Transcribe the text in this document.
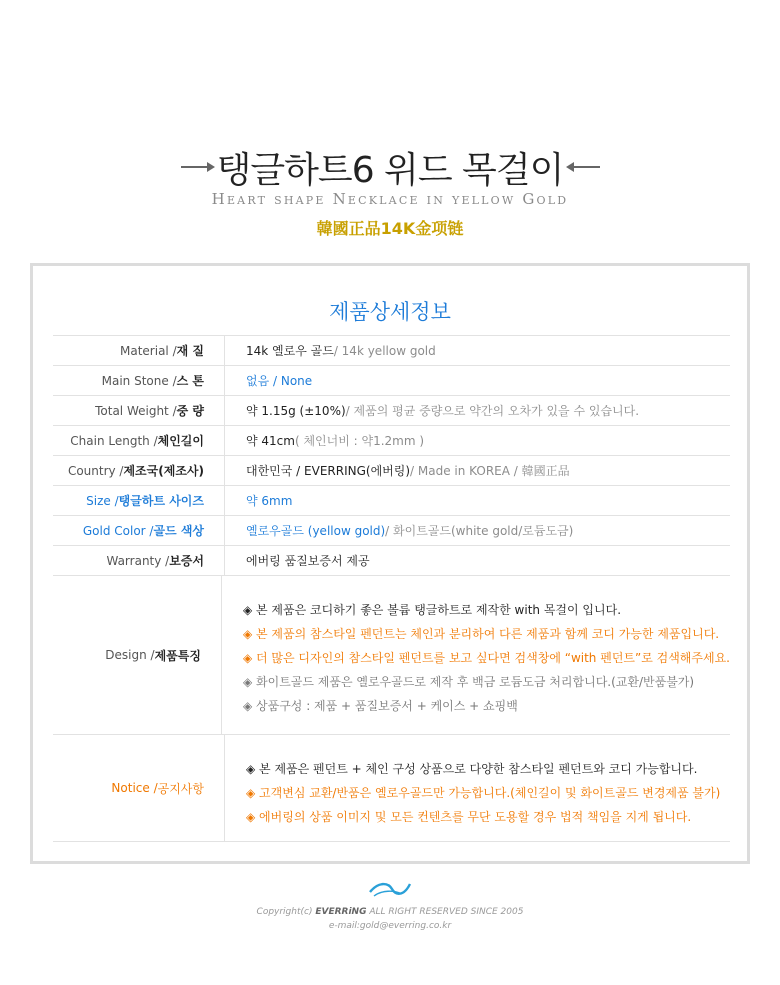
탱글하트6 위드 목걸이
Heart shape Necklace in yellow Gold
韓國正品14K金项链
제품상세정보
Material / 재 질	14k 옐로우 골드 / 14k yellow gold
Main Stone / 스 톤	없음 / None
Total Weight / 중 량	약 1.15g (±10%) / 제품의 평균 중량으로 약간의 오차가 있을 수 있습니다.
Chain Length / 체인길이	약 41cm ( 체인너비 : 약1.2mm )
Country / 제조국(제조사)	대한민국 / EVERRING(에버링) / Made in KOREA / 韓國正品
Size / 탱글하트 사이즈	약 6mm
Gold Color / 골드 색상	옐로우골드 (yellow gold) / 화이트골드(white gold/로듐도금)
Warranty / 보증서	에버링 품질보증서 제공
Design / 제품특징
◈ 본 제품은 코디하기 좋은 볼륨 탱글하트로 제작한 with 목걸이 입니다.
◈ 본 제품의 참스타일 펜던트는 체인과 분리하여 다른 제품과 함께 코디 가능한 제품입니다.
◈ 더 많은 디자인의 참스타일 펜던트를 보고 싶다면 검색창에 “with 펜던트”로 검색해주세요.
◈ 화이트골드 제품은 옐로우골드로 제작 후 백금 로듐도금 처리합니다.(교환/반품불가)
◈ 상품구성 : 제품 + 품질보증서 + 케이스 + 쇼핑백
Notice / 공지사항
◈ 본 제품은 펜던트 + 체인 구성 상품으로 다양한 참스타일 펜던트와 코디 가능합니다.
◈ 고객변심 교환/반품은 옐로우골드만 가능합니다.(체인길이 및 화이트골드 변경제품 불가)
◈ 에버링의 상품 이미지 및 모든 컨텐츠를 무단 도용할 경우 법적 책임을 지게 됩니다.
Copyright(c) EVERRiNG ALL RIGHT RESERVED SINCE 2005
e-mail:gold@everring.co.kr
